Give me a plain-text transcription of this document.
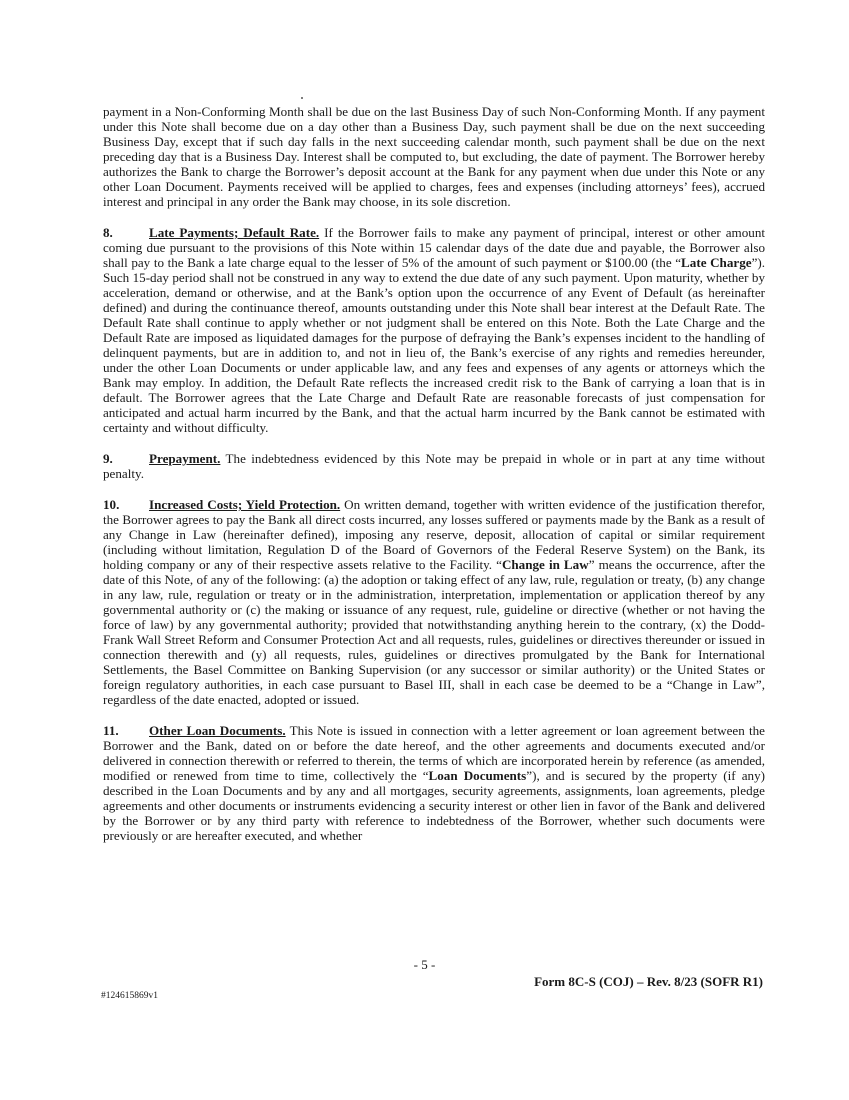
payment in a Non-Conforming Month shall be due on the last Business Day of such Non-Conforming Month. If any payment under this Note shall become due on a day other than a Business Day, such payment shall be due on the next succeeding Business Day, except that if such day falls in the next succeeding calendar month, such payment shall be due on the next preceding day that is a Business Day. Interest shall be computed to, but excluding, the date of payment. The Borrower hereby authorizes the Bank to charge the Borrower’s deposit account at the Bank for any payment when due under this Note or any other Loan Document. Payments received will be applied to charges, fees and expenses (including attorneys’ fees), accrued interest and principal in any order the Bank may choose, in its sole discretion.

8.	Late Payments; Default Rate. If the Borrower fails to make any payment of principal, interest or other amount coming due pursuant to the provisions of this Note within 15 calendar days of the date due and payable, the Borrower also shall pay to the Bank a late charge equal to the lesser of 5% of the amount of such payment or $100.00 (the “Late Charge”). Such 15-day period shall not be construed in any way to extend the due date of any such payment. Upon maturity, whether by acceleration, demand or otherwise, and at the Bank’s option upon the occurrence of any Event of Default (as hereinafter defined) and during the continuance thereof, amounts outstanding under this Note shall bear interest at the Default Rate. The Default Rate shall continue to apply whether or not judgment shall be entered on this Note. Both the Late Charge and the Default Rate are imposed as liquidated damages for the purpose of defraying the Bank’s expenses incident to the handling of delinquent payments, but are in addition to, and not in lieu of, the Bank’s exercise of any rights and remedies hereunder, under the other Loan Documents or under applicable law, and any fees and expenses of any agents or attorneys which the Bank may employ. In addition, the Default Rate reflects the increased credit risk to the Bank of carrying a loan that is in default. The Borrower agrees that the Late Charge and Default Rate are reasonable forecasts of just compensation for anticipated and actual harm incurred by the Bank, and that the actual harm incurred by the Bank cannot be estimated with certainty and without difficulty.

9.	Prepayment. The indebtedness evidenced by this Note may be prepaid in whole or in part at any time without penalty.

10. Increased Costs; Yield Protection. On written demand, together with written evidence of the justification therefor, the Borrower agrees to pay the Bank all direct costs incurred, any losses suffered or payments made by the Bank as a result of any Change in Law (hereinafter defined), imposing any reserve, deposit, allocation of capital or similar requirement (including without limitation, Regulation D of the Board of Governors of the Federal Reserve System) on the Bank, its holding company or any of their respective assets relative to the Facility. “Change in Law” means the occurrence, after the date of this Note, of any of the following: (a) the adoption or taking effect of any law, rule, regulation or treaty, (b) any change in any law, rule, regulation or treaty or in the administration, interpretation, implementation or application thereof by any governmental authority or (c) the making or issuance of any request, rule, guideline or directive (whether or not having the force of law) by any governmental authority; provided that notwithstanding anything herein to the contrary, (x) the Dodd-Frank Wall Street Reform and Consumer Protection Act and all requests, rules, guidelines or directives thereunder or issued in connection therewith and (y) all requests, rules, guidelines or directives promulgated by the Bank for International Settlements, the Basel Committee on Banking Supervision (or any successor or similar authority) or the United States or foreign regulatory authorities, in each case pursuant to Basel III, shall in each case be deemed to be a “Change in Law”, regardless of the date enacted, adopted or issued.

11. Other Loan Documents. This Note is issued in connection with a letter agreement or loan agreement between the Borrower and the Bank, dated on or before the date hereof, and the other agreements and documents executed and/or delivered in connection therewith or referred to therein, the terms of which are incorporated herein by reference (as amended, modified or renewed from time to time, collectively the “Loan Documents”), and is secured by the property (if any) described in the Loan Documents and by any and all mortgages, security agreements, assignments, loan agreements, pledge agreements and other documents or instruments evidencing a security interest or other lien in favor of the Bank and delivered by the Borrower or by any third party with reference to indebtedness of the Borrower, whether such documents were previously or are hereafter executed, and whether

- 5 -
Form 8C-S (COJ) – Rev. 8/23 (SOFR R1)
#124615869v1
